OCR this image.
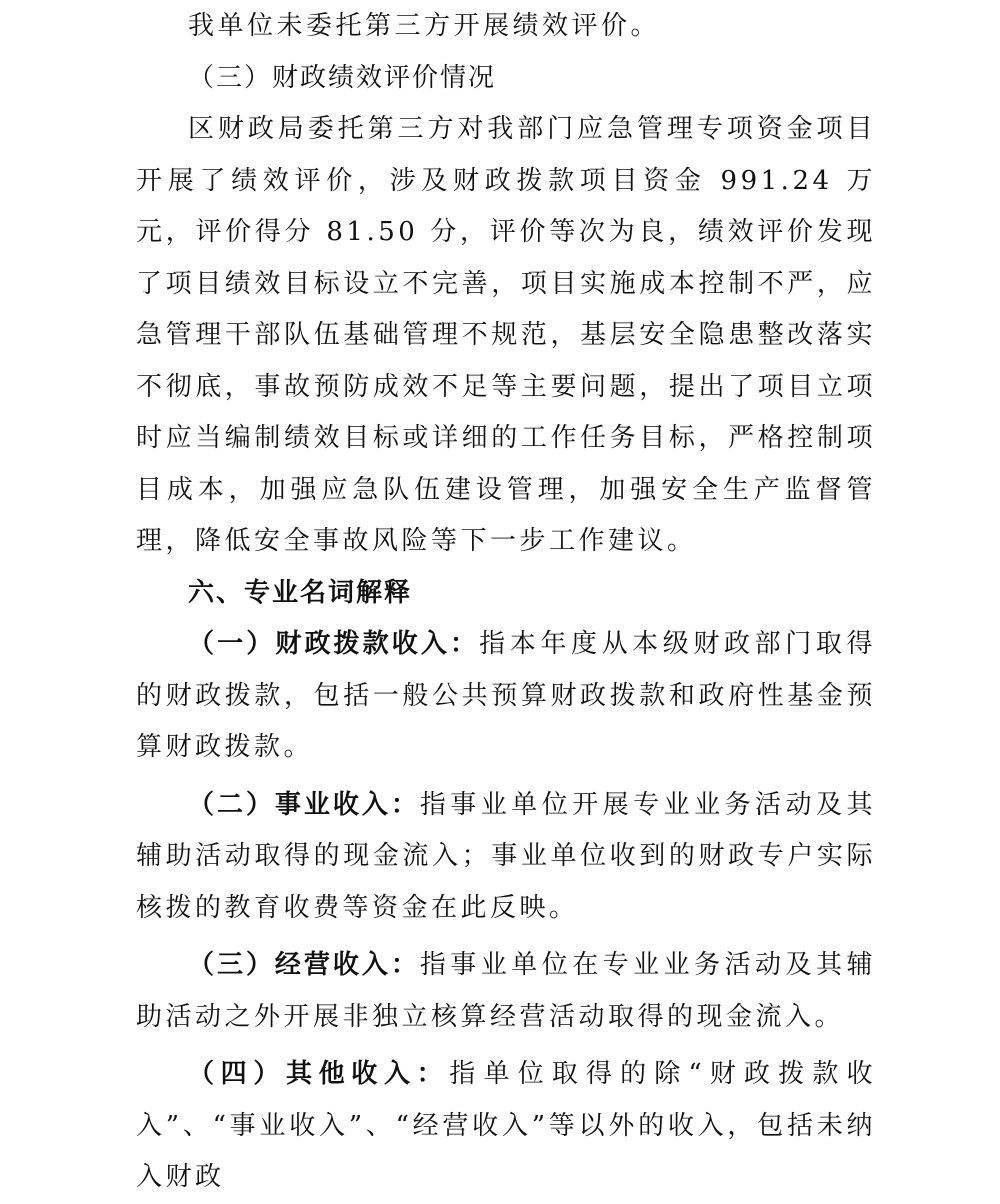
我单位未委托第三方开展绩效评价。

（三）财政绩效评价情况

区财政局委托第三方对我部门应急管理专项资金项目开展了绩效评价，涉及财政拨款项目资金 991.24 万元，评价得分 81.50 分，评价等次为良，绩效评价发现了项目绩效目标设立不完善，项目实施成本控制不严，应急管理干部队伍基础管理不规范，基层安全隐患整改落实不彻底，事故预防成效不足等主要问题，提出了项目立项时应当编制绩效目标或详细的工作任务目标，严格控制项目成本，加强应急队伍建设管理，加强安全生产监督管理，降低安全事故风险等下一步工作建议。

六、专业名词解释

（一）财政拨款收入：指本年度从本级财政部门取得的财政拨款，包括一般公共预算财政拨款和政府性基金预算财政拨款。

（二）事业收入：指事业单位开展专业业务活动及其辅助活动取得的现金流入；事业单位收到的财政专户实际核拨的教育收费等资金在此反映。

（三）经营收入：指事业单位在专业业务活动及其辅助活动之外开展非独立核算经营活动取得的现金流入。

（四）其他收入：指单位取得的除“财政拨款收入”、“事业收入”、“经营收入”等以外的收入，包括未纳入财政
